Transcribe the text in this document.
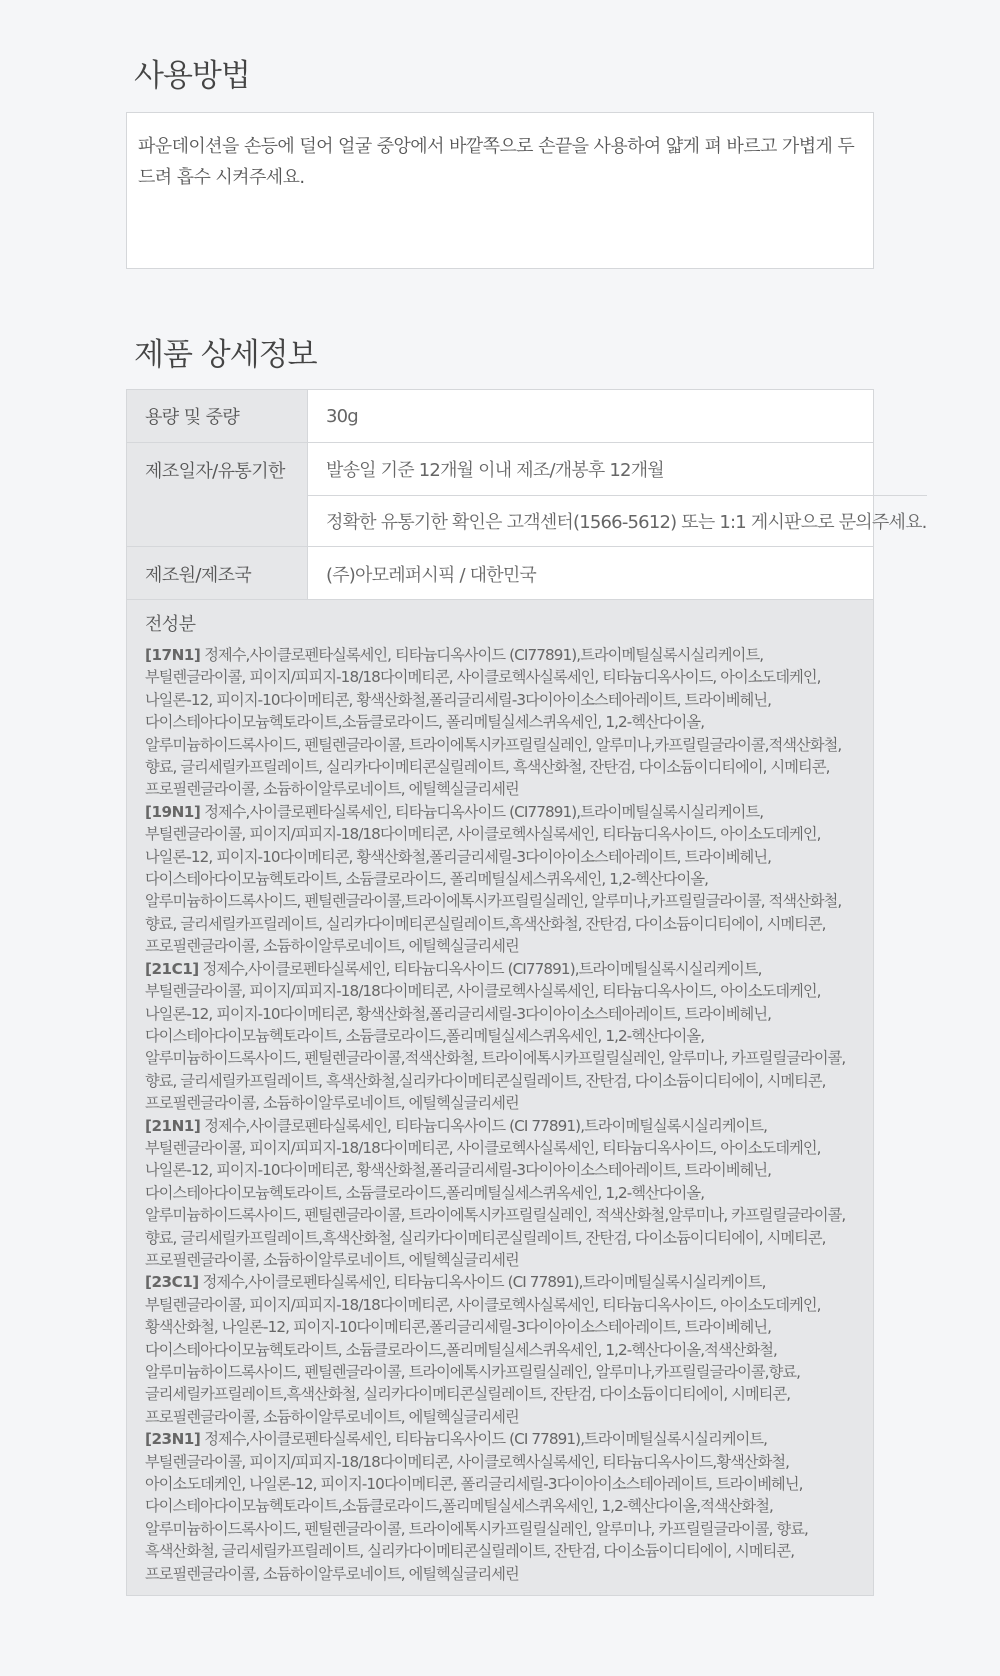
사용방법
파운데이션을 손등에 덜어 얼굴 중앙에서 바깥쪽으로 손끝을 사용하여 얇게 펴 바르고 가볍게 두드려 흡수 시켜주세요.
제품 상세정보
용량 및 중량	30g
제조일자/유통기한	발송일 기준 12개월 이내 제조/개봉후 12개월
정확한 유통기한 확인은 고객센터(1566-5612) 또는 1:1 게시판으로 문의주세요.
제조원/제조국	(주)아모레퍼시픽 / 대한민국
전성분

[17N1] 정제수,사이클로펜타실록세인, 티타늄디옥사이드 (CI77891),트라이메틸실록시실리케이트, 부틸렌글라이콜, 피이지/피피지-18/18다이메티콘, 사이클로헥사실록세인, 티타늄디옥사이드, 아이소도데케인, 나일론-12, 피이지-10다이메티콘, 황색산화철,폴리글리세릴-3다이아이소스테아레이트, 트라이베헤닌, 다이스테아다이모늄헥토라이트,소듐클로라이드, 폴리메틸실세스퀴옥세인, 1,2-헥산다이올, 알루미늄하이드록사이드, 펜틸렌글라이콜, 트라이에톡시카프릴릴실레인, 알루미나,카프릴릴글라이콜,적색산화철, 향료, 글리세릴카프릴레이트, 실리카다이메티콘실릴레이트, 흑색산화철, 잔탄검, 다이소듐이디티에이, 시메티콘, 프로필렌글라이콜, 소듐하이알루로네이트, 에틸헥실글리세린

[19N1] 정제수,사이클로펜타실록세인, 티타늄디옥사이드 (CI77891),트라이메틸실록시실리케이트,부틸렌글라이콜, 피이지/피피지-18/18다이메티콘, 사이클로헥사실록세인, 티타늄디옥사이드, 아이소도데케인,나일론-12, 피이지-10다이메티콘, 황색산화철,폴리글리세릴-3다이아이소스테아레이트, 트라이베헤닌, 다이스테아다이모늄헥토라이트, 소듐클로라이드, 폴리메틸실세스퀴옥세인, 1,2-헥산다이올, 알루미늄하이드록사이드, 펜틸렌글라이콜,트라이에톡시카프릴릴실레인, 알루미나,카프릴릴글라이콜, 적색산화철, 향료, 글리세릴카프릴레이트, 실리카다이메티콘실릴레이트,흑색산화철, 잔탄검, 다이소듐이디티에이, 시메티콘, 프로필렌글라이콜, 소듐하이알루로네이트, 에틸헥실글리세린

[21C1] 정제수,사이클로펜타실록세인, 티타늄디옥사이드 (CI77891),트라이메틸실록시실리케이트,부틸렌글라이콜, 피이지/피피지-18/18다이메티콘, 사이클로헥사실록세인, 티타늄디옥사이드, 아이소도데케인, 나일론-12, 피이지-10다이메티콘, 황색산화철,폴리글리세릴-3다이아이소스테아레이트, 트라이베헤닌, 다이스테아다이모늄헥토라이트, 소듐클로라이드,폴리메틸실세스퀴옥세인, 1,2-헥산다이올, 알루미늄하이드록사이드, 펜틸렌글라이콜,적색산화철, 트라이에톡시카프릴릴실레인, 알루미나, 카프릴릴글라이콜, 향료, 글리세릴카프릴레이트, 흑색산화철,실리카다이메티콘실릴레이트, 잔탄검, 다이소듐이디티에이, 시메티콘, 프로필렌글라이콜, 소듐하이알루로네이트, 에틸헥실글리세린

[21N1] 정제수,사이클로펜타실록세인, 티타늄디옥사이드 (CI 77891),트라이메틸실록시실리케이트, 부틸렌글라이콜, 피이지/피피지-18/18다이메티콘, 사이클로헥사실록세인, 티타늄디옥사이드, 아이소도데케인, 나일론-12, 피이지-10다이메티콘, 황색산화철,폴리글리세릴-3다이아이소스테아레이트, 트라이베헤닌, 다이스테아다이모늄헥토라이트, 소듐클로라이드,폴리메틸실세스퀴옥세인, 1,2-헥산다이올, 알루미늄하이드록사이드, 펜틸렌글라이콜, 트라이에톡시카프릴릴실레인, 적색산화철,알루미나, 카프릴릴글라이콜, 향료, 글리세릴카프릴레이트,흑색산화철, 실리카다이메티콘실릴레이트, 잔탄검, 다이소듐이디티에이, 시메티콘, 프로필렌글라이콜, 소듐하이알루로네이트, 에틸헥실글리세린

[23C1] 정제수,사이클로펜타실록세인, 티타늄디옥사이드 (CI 77891),트라이메틸실록시실리케이트, 부틸렌글라이콜, 피이지/피피지-18/18다이메티콘, 사이클로헥사실록세인, 티타늄디옥사이드, 아이소도데케인,황색산화철, 나일론-12, 피이지-10다이메티콘,폴리글리세릴-3다이아이소스테아레이트, 트라이베헤닌, 다이스테아다이모늄헥토라이트, 소듐클로라이드,폴리메틸실세스퀴옥세인, 1,2-헥산다이올,적색산화철, 알루미늄하이드록사이드, 펜틸렌글라이콜, 트라이에톡시카프릴릴실레인, 알루미나,카프릴릴글라이콜,향료, 글리세릴카프릴레이트,흑색산화철, 실리카다이메티콘실릴레이트, 잔탄검, 다이소듐이디티에이, 시메티콘, 프로필렌글라이콜, 소듐하이알루로네이트, 에틸헥실글리세린

[23N1] 정제수,사이클로펜타실록세인, 티타늄디옥사이드 (CI 77891),트라이메틸실록시실리케이트, 부틸렌글라이콜, 피이지/피피지-18/18다이메티콘, 사이클로헥사실록세인, 티타늄디옥사이드,황색산화철, 아이소도데케인, 나일론-12, 피이지-10다이메티콘, 폴리글리세릴-3다이아이소스테아레이트, 트라이베헤닌, 다이스테아다이모늄헥토라이트,소듐클로라이드,폴리메틸실세스퀴옥세인, 1,2-헥산다이올,적색산화철, 알루미늄하이드록사이드, 펜틸렌글라이콜, 트라이에톡시카프릴릴실레인, 알루미나, 카프릴릴글라이콜, 향료, 흑색산화철, 글리세릴카프릴레이트, 실리카다이메티콘실릴레이트, 잔탄검, 다이소듐이디티에이, 시메티콘, 프로필렌글라이콜, 소듐하이알루로네이트, 에틸헥실글리세린
